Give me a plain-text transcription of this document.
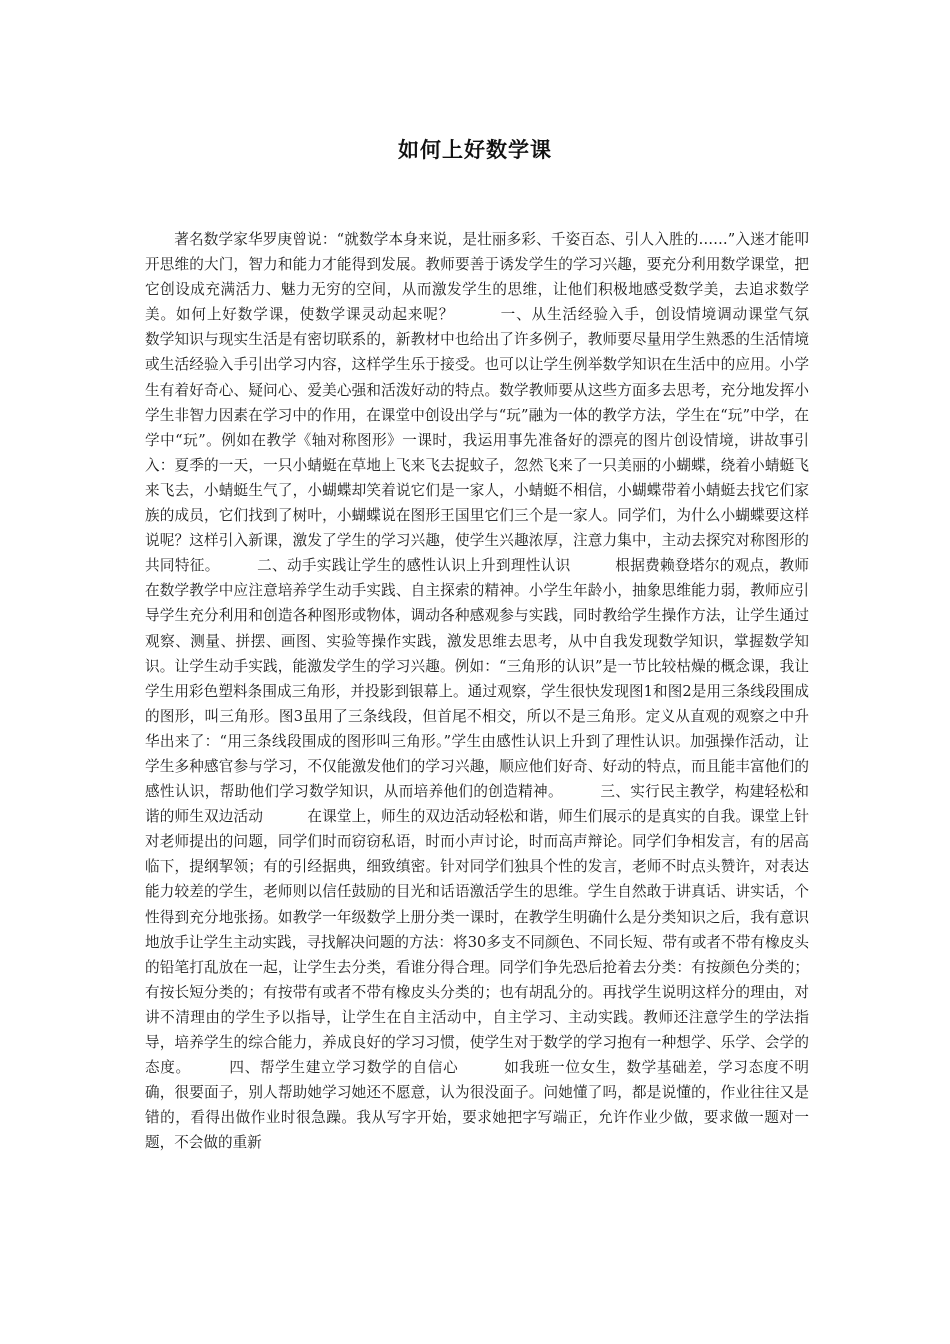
如何上好数学课

著名数学家华罗庚曾说：“就数学本身来说，是壮丽多彩、千姿百态、引人入胜的……”入迷才能叩开思维的大门，智力和能力才能得到发展。教师要善于诱发学生的学习兴趣，要充分利用数学课堂，把它创设成充满活力、魅力无穷的空间，从而激发学生的思维，让他们积极地感受数学美，去追求数学美。如何上好数学课，使数学课灵动起来呢？　　　一、从生活经验入手，创设情境调动课堂气氛　　　数学知识与现实生活是有密切联系的，新教材中也给出了许多例子，教师要尽量用学生熟悉的生活情境或生活经验入手引出学习内容，这样学生乐于接受。也可以让学生例举数学知识在生活中的应用。小学生有着好奇心、疑问心、爱美心强和活泼好动的特点。数学教师要从这些方面多去思考，充分地发挥小学生非智力因素在学习中的作用，在课堂中创设出学与“玩”融为一体的教学方法，学生在“玩”中学，在学中“玩”。例如在教学《轴对称图形》一课时，我运用事先准备好的漂亮的图片创设情境，讲故事引入：夏季的一天，一只小蜻蜓在草地上飞来飞去捉蚊子，忽然飞来了一只美丽的小蝴蝶，绕着小蜻蜓飞来飞去，小蜻蜓生气了，小蝴蝶却笑着说它们是一家人，小蜻蜓不相信，小蝴蝶带着小蜻蜓去找它们家族的成员，它们找到了树叶，小蝴蝶说在图形王国里它们三个是一家人。同学们，为什么小蝴蝶要这样说呢？这样引入新课，激发了学生的学习兴趣，使学生兴趣浓厚，注意力集中，主动去探究对称图形的共同特征。　　　二、动手实践让学生的感性认识上升到理性认识　　　根据费赖登塔尔的观点，教师在数学教学中应注意培养学生动手实践、自主探索的精神。小学生年龄小，抽象思维能力弱，教师应引导学生充分利用和创造各种图形或物体，调动各种感观参与实践，同时教给学生操作方法，让学生通过观察、测量、拼摆、画图、实验等操作实践，激发思维去思考，从中自我发现数学知识，掌握数学知识。让学生动手实践，能激发学生的学习兴趣。例如：“三角形的认识”是一节比较枯燥的概念课，我让学生用彩色塑料条围成三角形，并投影到银幕上。通过观察，学生很快发现图1和图2是用三条线段围成的图形，叫三角形。图3虽用了三条线段，但首尾不相交，所以不是三角形。定义从直观的观察之中升华出来了：“用三条线段围成的图形叫三角形。”学生由感性认识上升到了理性认识。加强操作活动，让学生多种感官参与学习，不仅能激发他们的学习兴趣，顺应他们好奇、好动的特点，而且能丰富他们的感性认识，帮助他们学习数学知识，从而培养他们的创造精神。　　　三、实行民主教学，构建轻松和谐的师生双边活动　　　在课堂上，师生的双边活动轻松和谐，师生们展示的是真实的自我。课堂上针对老师提出的问题，同学们时而窃窃私语，时而小声讨论，时而高声辩论。同学们争相发言，有的居高临下，提纲挈领；有的引经据典，细致缜密。针对同学们独具个性的发言，老师不时点头赞许，对表达能力较差的学生，老师则以信任鼓励的目光和话语激活学生的思维。学生自然敢于讲真话、讲实话，个性得到充分地张扬。如教学一年级数学上册分类一课时，在教学生明确什么是分类知识之后，我有意识地放手让学生主动实践，寻找解决问题的方法：将30多支不同颜色、不同长短、带有或者不带有橡皮头的铅笔打乱放在一起，让学生去分类，看谁分得合理。同学们争先恐后抢着去分类：有按颜色分类的；有按长短分类的；有按带有或者不带有橡皮头分类的；也有胡乱分的。再找学生说明这样分的理由，对讲不清理由的学生予以指导，让学生在自主活动中，自主学习、主动实践。教师还注意学生的学法指导，培养学生的综合能力，养成良好的学习习惯，使学生对于数学的学习抱有一种想学、乐学、会学的态度。　　　四、帮学生建立学习数学的自信心　　　如我班一位女生，数学基础差，学习态度不明确，很要面子，别人帮助她学习她还不愿意，认为很没面子。问她懂了吗，都是说懂的，作业往往又是错的，看得出做作业时很急躁。我从写字开始，要求她把字写端正，允许作业少做，要求做一题对一题，不会做的重新
